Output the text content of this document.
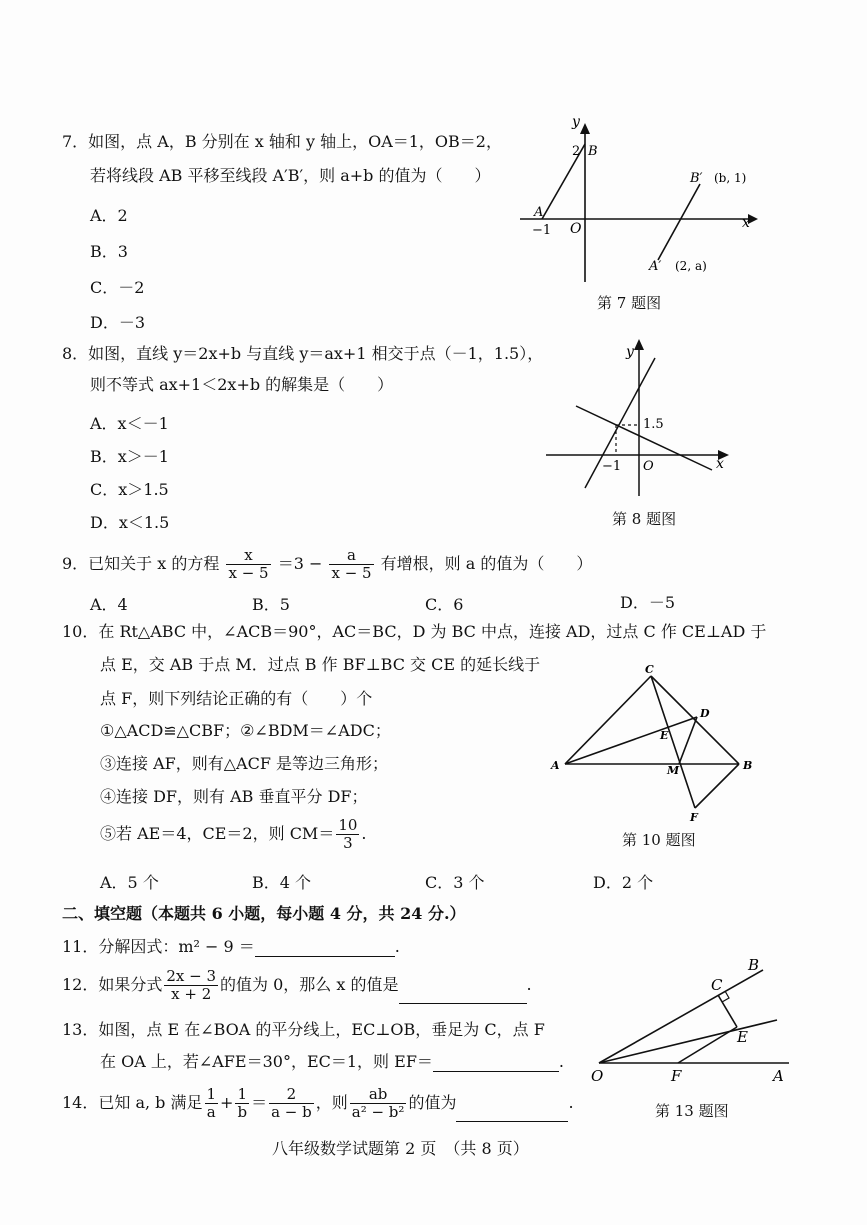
7．如图，点 A，B 分别在 x 轴和 y 轴上，OA＝1，OB＝2，
若将线段 AB 平移至线段 A′B′，则 a+b 的值为（　　）
A．2
B．3
C．－2
D．－3
y
x
O
A
B
2
−1
B′ (b, 1)
A′ (2, a)
第 7 题图
8．如图，直线 y＝2x+b 与直线 y＝ax+1 相交于点（－1，1.5），
则不等式 ax+1＜2x+b 的解集是（　　）
A．x＜－1
B．x＞－1
C．x＞1.5
D．x＜1.5
y
x
O
1.5
−1
第 8 题图
9．已知关于 x 的方程 $\frac{x}{x - 5} =3 - \frac{a}{x - 5}$ 有增根，则 a 的值为（　　）
A．4	B．5	C．6	D．－5
10．在 Rt△ABC 中，∠ACB＝90°，AC＝BC，D 为 BC 中点，连接 AD，过点 C 作 CE⊥AD 于
点 E，交 AB 于点 M．过点 B 作 BF⊥BC 交 CE 的延长线于
点 F，则下列结论正确的有（　　）个
①△ACD≌△CBF；②∠BDM＝∠ADC；
③连接 AF，则有△ACF 是等边三角形；
④连接 DF，则有 AB 垂直平分 DF；
⑤若 AE＝4，CE＝2，则 $CM= \frac{10}{3}$ .
A．5 个	B．4 个	C．3 个	D．2 个
C
A	B
D
E
M
F
第 10 题图
二、填空题（本题共 6 小题，每小题 4 分，共 24 分.）
11．分解因式：m² − 9 ＝	.
12．如果分式 $\frac{2x - 3}{x + 2}$ 的值为 0，那么 x 的值是	.
13．如图，点 E 在∠BOA 的平分线上，EC⊥OB，垂足为 C，点 F
在 OA 上，若∠AFE＝30°，EC＝1，则 EF＝	.
B
C
E
O	F	A
第 13 题图
14．已知 a, b 满足 $\frac{1}{a} + \frac{1}{b} = \frac{2}{a - b}$ ，则 $\frac{ab}{\text{a² − b²}}$ 的值为	.
八年级数学试题第 2 页　（共 8 页）
